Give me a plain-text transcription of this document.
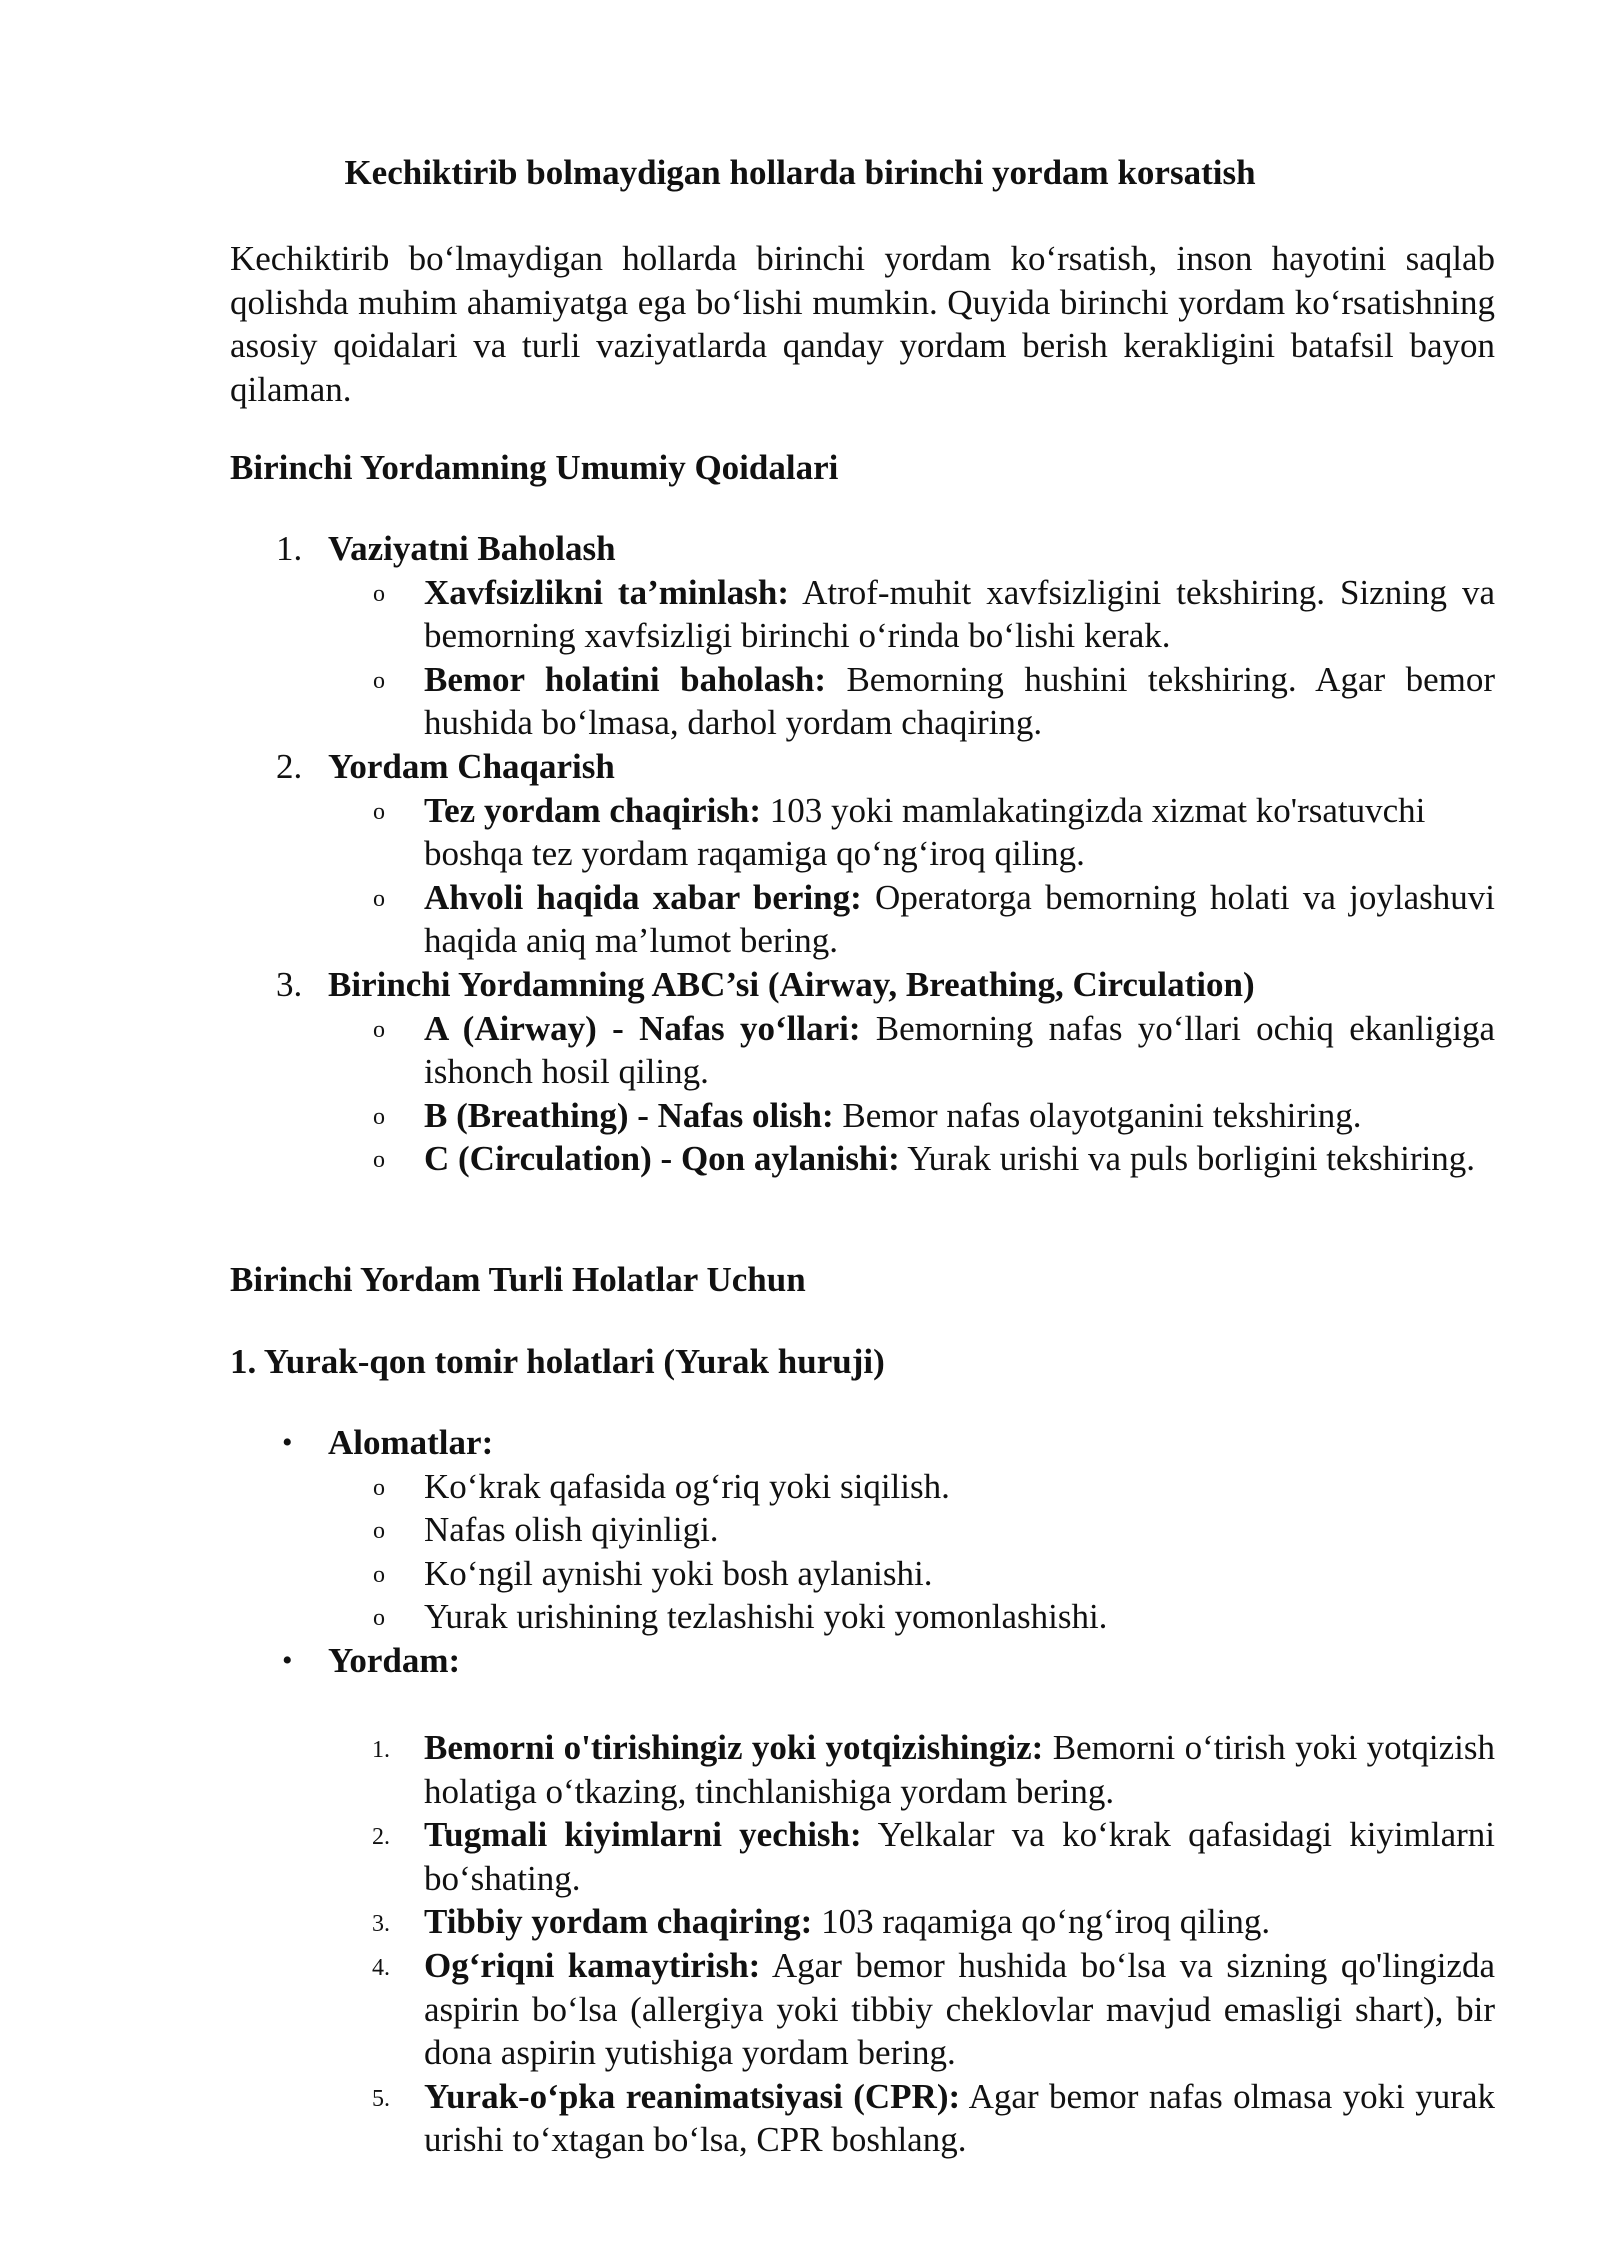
Kechiktirib bolmaydigan hollarda birinchi yordam korsatish

Kechiktirib bo‘lmaydigan hollarda birinchi yordam ko‘rsatish, inson hayotini saqlab qolishda muhim ahamiyatga ega bo‘lishi mumkin. Quyida birinchi yordam ko‘rsatishning asosiy qoidalari va turli vaziyatlarda qanday yordam berish kerakligini batafsil bayon qilaman.

Birinchi Yordamning Umumiy Qoidalari
1. Vaziyatni Baholash
o Xavfsizlikni ta’minlash: Atrof-muhit xavfsizligini tekshiring. Sizning va bemorning xavfsizligi birinchi o‘rinda bo‘lishi kerak.
o Bemor holatini baholash: Bemorning hushini tekshiring. Agar bemor hushida bo‘lmasa, darhol yordam chaqiring.
2. Yordam Chaqarish
o Tez yordam chaqirish: 103 yoki mamlakatingizda xizmat ko'rsatuvchi boshqa tez yordam raqamiga qo‘ng‘iroq qiling.
o Ahvoli haqida xabar bering: Operatorga bemorning holati va joylashuvi haqida aniq ma’lumot bering.
3. Birinchi Yordamning ABC’si (Airway, Breathing, Circulation)
o A (Airway) - Nafas yo‘llari: Bemorning nafas yo‘llari ochiq ekanligiga ishonch hosil qiling.
o B (Breathing) - Nafas olish: Bemor nafas olayotganini tekshiring.
o C (Circulation) - Qon aylanishi: Yurak urishi va puls borligini tekshiring.
Birinchi Yordam Turli Holatlar Uchun
1. Yurak-qon tomir holatlari (Yurak huruji)
• Alomatlar:
o Ko‘krak qafasida og‘riq yoki siqilish.
o Nafas olish qiyinligi.
o Ko‘ngil aynishi yoki bosh aylanishi.
o Yurak urishining tezlashishi yoki yomonlashishi.
• Yordam:
1. Bemorni o'tirishingiz yoki yotqizishingiz: Bemorni o‘tirish yoki yotqizish holatiga o‘tkazing, tinchlanishiga yordam bering.
2. Tugmali kiyimlarni yechish: Yelkalar va ko‘krak qafasidagi kiyimlarni bo‘shating.
3. Tibbiy yordam chaqiring: 103 raqamiga qo‘ng‘iroq qiling.
4. Og‘riqni kamaytirish: Agar bemor hushida bo‘lsa va sizning qo'lingizda aspirin bo‘lsa (allergiya yoki tibbiy cheklovlar mavjud emasligi shart), bir dona aspirin yutishiga yordam bering.
5. Yurak-o‘pka reanimatsiyasi (CPR): Agar bemor nafas olmasa yoki yurak urishi to‘xtagan bo‘lsa, CPR boshlang.
